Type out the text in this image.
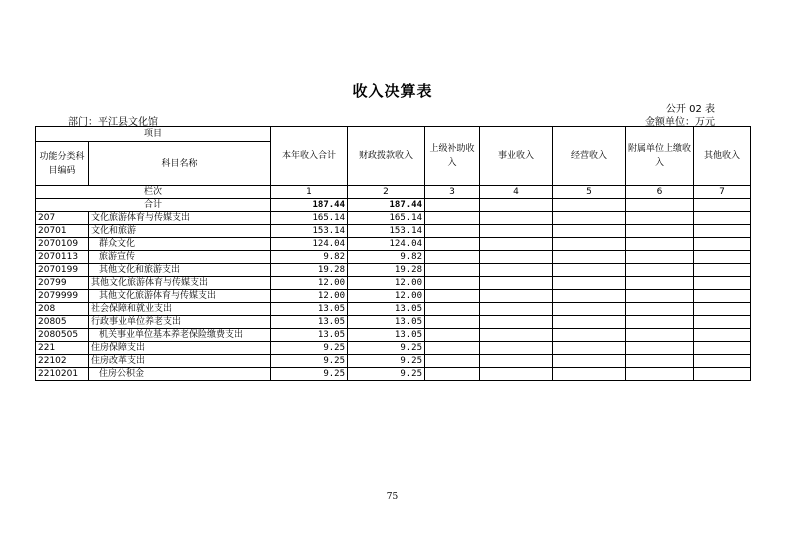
收入决算表
公开 02 表
部门：平江县文化馆	金额单位：万元
项目		本年收入合计	财政拨款收入	上级补助收入	事业收入	经营收入	附属单位上缴收入	其他收入
功能分类科目编码	科目名称							
栏次		1	2	3	4	5	6	7
合计		187.44	187.44					
207	文化旅游体育与传媒支出	165.14	165.14					
20701	文化和旅游	153.14	153.14					
2070109	群众文化	124.04	124.04					
2070113	旅游宣传	9.82	9.82					
2070199	其他文化和旅游支出	19.28	19.28					
20799	其他文化旅游体育与传媒支出	12.00	12.00					
2079999	其他文化旅游体育与传媒支出	12.00	12.00					
208	社会保障和就业支出	13.05	13.05					
20805	行政事业单位养老支出	13.05	13.05					
2080505	机关事业单位基本养老保险缴费支出	13.05	13.05					
221	住房保障支出	9.25	9.25					
22102	住房改革支出	9.25	9.25					
2210201	住房公积金	9.25	9.25					
75
